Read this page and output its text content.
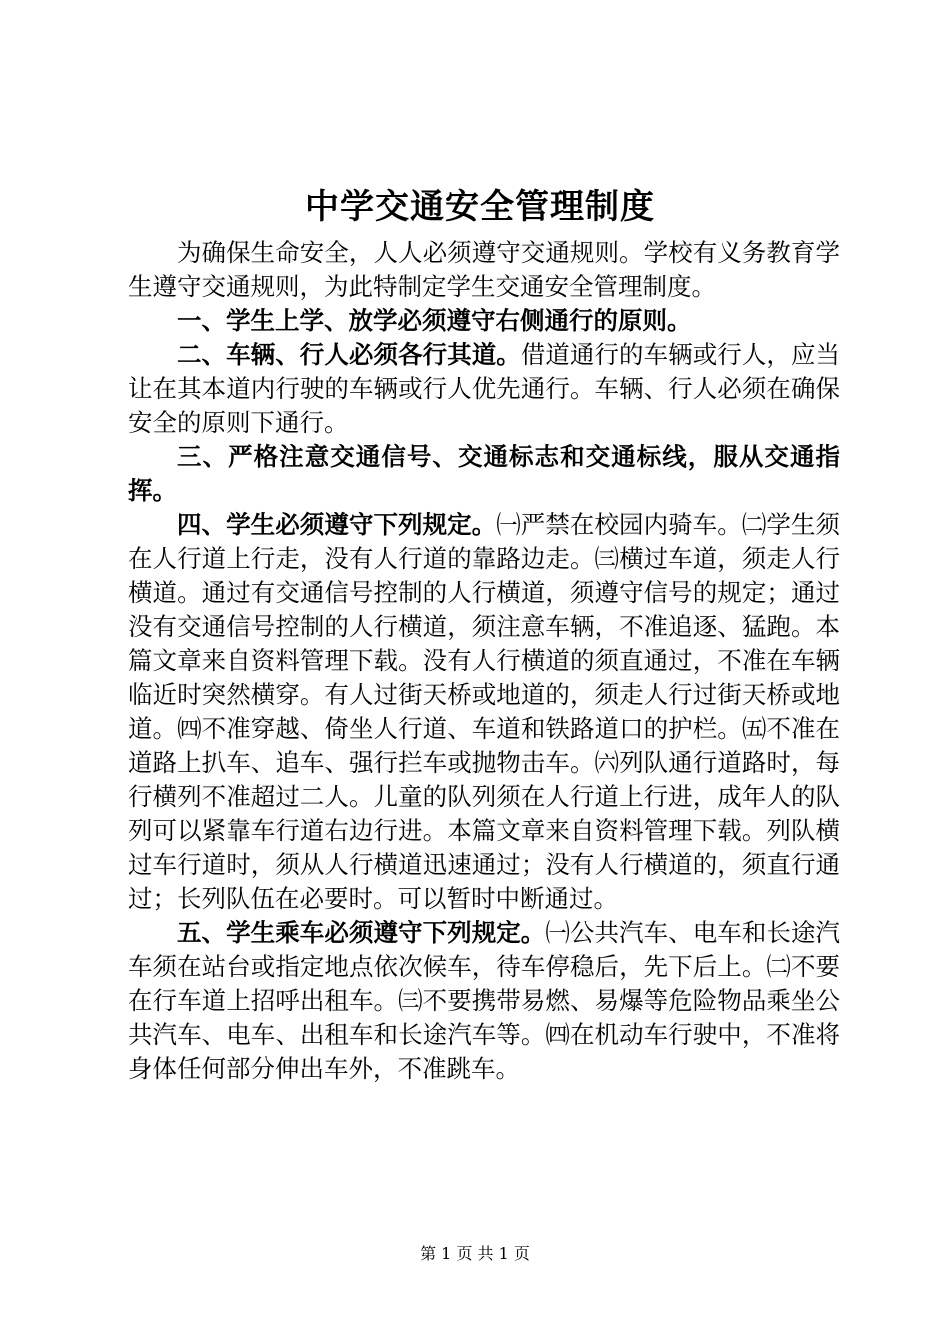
中学交通安全管理制度

为确保生命安全，人人必须遵守交通规则。学校有义务教育学生遵守交通规则，为此特制定学生交通安全管理制度。

一、学生上学、放学必须遵守右侧通行的原则。

二、车辆、行人必须各行其道。借道通行的车辆或行人，应当让在其本道内行驶的车辆或行人优先通行。车辆、行人必须在确保安全的原则下通行。

三、严格注意交通信号、交通标志和交通标线，服从交通指挥。

四、学生必须遵守下列规定。㈠严禁在校园内骑车。㈡学生须在人行道上行走，没有人行道的靠路边走。㈢横过车道，须走人行横道。通过有交通信号控制的人行横道，须遵守信号的规定；通过没有交通信号控制的人行横道，须注意车辆，不准追逐、猛跑。本篇文章来自资料管理下载。没有人行横道的须直通过，不准在车辆临近时突然横穿。有人过街天桥或地道的，须走人行过街天桥或地道。㈣不准穿越、倚坐人行道、车道和铁路道口的护栏。㈤不准在道路上扒车、追车、强行拦车或抛物击车。㈥列队通行道路时，每行横列不准超过二人。儿童的队列须在人行道上行进，成年人的队列可以紧靠车行道右边行进。本篇文章来自资料管理下载。列队横过车行道时，须从人行横道迅速通过；没有人行横道的，须直行通过；长列队伍在必要时。可以暂时中断通过。

五、学生乘车必须遵守下列规定。㈠公共汽车、电车和长途汽车须在站台或指定地点依次候车，待车停稳后，先下后上。㈡不要在行车道上招呼出租车。㈢不要携带易燃、易爆等危险物品乘坐公共汽车、电车、出租车和长途汽车等。㈣在机动车行驶中，不准将身体任何部分伸出车外，不准跳车。

第 1 页 共 1 页
